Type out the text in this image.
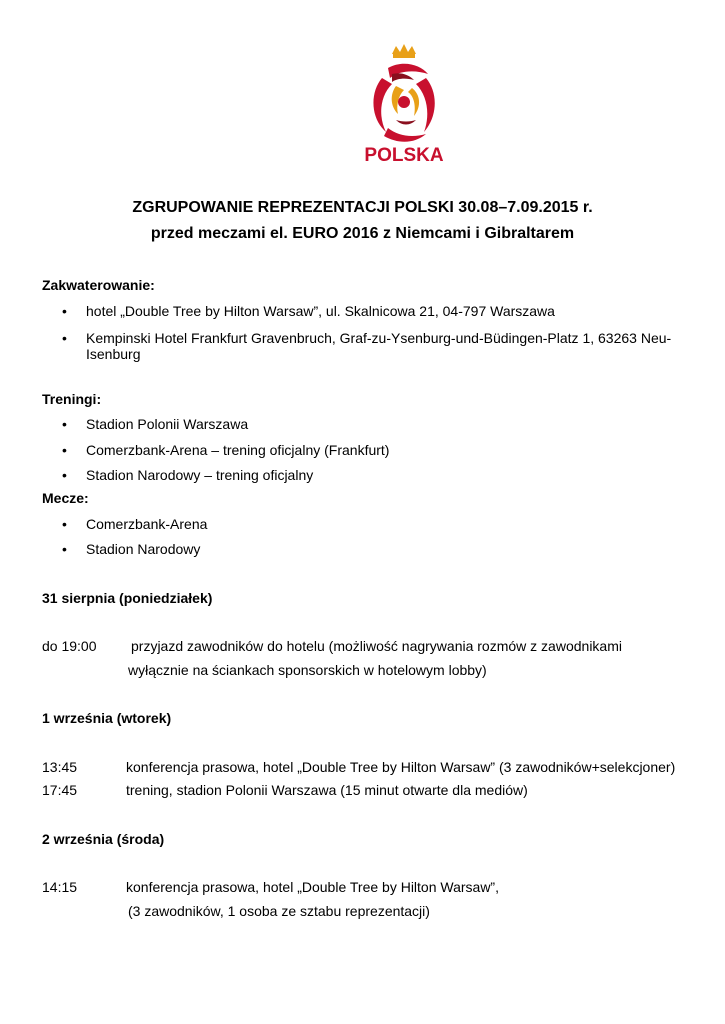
POLSKA
ZGRUPOWANIE REPREZENTACJI POLSKI 30.08–7.09.2015 r.
przed meczami el. EURO 2016 z Niemcami i Gibraltarem
Zakwaterowanie:
• hotel „Double Tree by Hilton Warsaw”, ul. Skalnicowa 21, 04-797 Warszawa
• Kempinski Hotel Frankfurt Gravenbruch, Graf-zu-Ysenburg-und-Büdingen-Platz 1, 63263 Neu-
Isenburg
Treningi:
• Stadion Polonii Warszawa
• Comerzbank-Arena – trening oficjalny (Frankfurt)
• Stadion Narodowy – trening oficjalny
Mecze:
• Comerzbank-Arena
• Stadion Narodowy
31 sierpnia (poniedziałek)
do 19:00 przyjazd zawodników do hotelu (możliwość nagrywania rozmów z zawodnikami
wyłącznie na ściankach sponsorskich w hotelowym lobby)
1 września (wtorek)
13:45	konferencja prasowa, hotel „Double Tree by Hilton Warsaw” (3 zawodników+selekcjoner)
17:45	trening, stadion Polonii Warszawa (15 minut otwarte dla mediów)
2 września (środa)
14:15	konferencja prasowa, hotel „Double Tree by Hilton Warsaw”,
(3 zawodników, 1 osoba ze sztabu reprezentacji)
